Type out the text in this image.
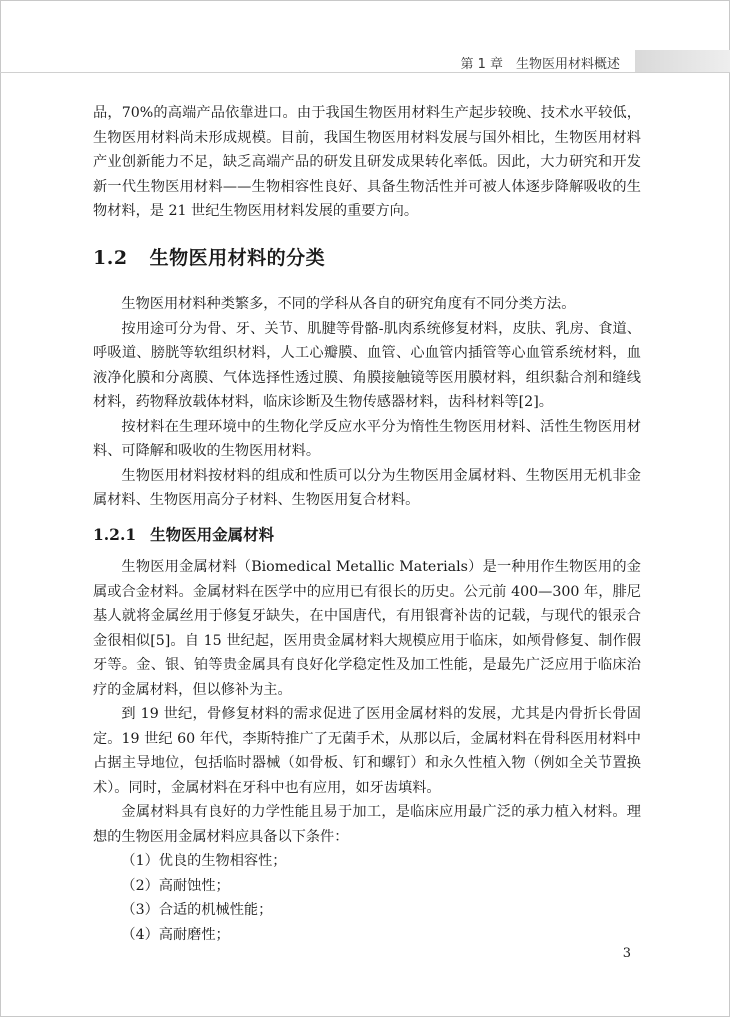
第 1 章　生物医用材料概述

品，70%的高端产品依靠进口。由于我国生物医用材料生产起步较晚、技术水平较低，生物医用材料尚未形成规模。目前，我国生物医用材料发展与国外相比，生物医用材料产业创新能力不足，缺乏高端产品的研发且研发成果转化率低。因此，大力研究和开发新一代生物医用材料——生物相容性良好、具备生物活性并可被人体逐步降解吸收的生物材料，是 21 世纪生物医用材料发展的重要方向。

1.2 生物医用材料的分类

生物医用材料种类繁多，不同的学科从各自的研究角度有不同分类方法。

按用途可分为骨、牙、关节、肌腱等骨骼-肌肉系统修复材料，皮肤、乳房、食道、呼吸道、膀胱等软组织材料，人工心瓣膜、血管、心血管内插管等心血管系统材料，血液净化膜和分离膜、气体选择性透过膜、角膜接触镜等医用膜材料，组织黏合剂和缝线材料，药物释放载体材料，临床诊断及生物传感器材料，齿科材料等[2]。

按材料在生理环境中的生物化学反应水平分为惰性生物医用材料、活性生物医用材料、可降解和吸收的生物医用材料。

生物医用材料按材料的组成和性质可以分为生物医用金属材料、生物医用无机非金属材料、生物医用高分子材料、生物医用复合材料。

1.2.1 生物医用金属材料

生物医用金属材料（Biomedical Metallic Materials）是一种用作生物医用的金属或合金材料。金属材料在医学中的应用已有很长的历史。公元前 400—300 年，腓尼基人就将金属丝用于修复牙缺失，在中国唐代，有用银膏补齿的记载，与现代的银汞合金很相似[5]。自 15 世纪起，医用贵金属材料大规模应用于临床，如颅骨修复、制作假牙等。金、银、铂等贵金属具有良好化学稳定性及加工性能，是最先广泛应用于临床治疗的金属材料，但以修补为主。

到 19 世纪，骨修复材料的需求促进了医用金属材料的发展，尤其是内骨折长骨固定。19 世纪 60 年代，李斯特推广了无菌手术，从那以后，金属材料在骨科医用材料中占据主导地位，包括临时器械（如骨板、钉和螺钉）和永久性植入物（例如全关节置换术）。同时，金属材料在牙科中也有应用，如牙齿填料。

金属材料具有良好的力学性能且易于加工，是临床应用最广泛的承力植入材料。理想的生物医用金属材料应具备以下条件：

（1）优良的生物相容性；

（2）高耐蚀性；

（3）合适的机械性能；

（4）高耐磨性；

3
